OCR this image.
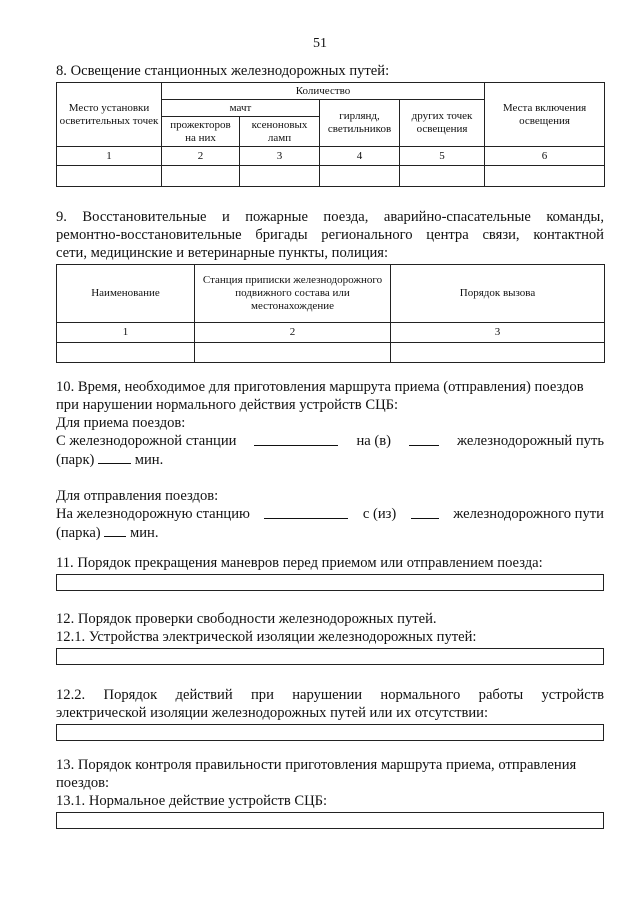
51
8. Освещение станционных железнодорожных путей:
Место установки осветительных точек	Количество				Места включения освещения
	мачт		гирлянд, светильников	других точек освещения	
	прожекторов на них	ксеноновых ламп			
1	2	3	4	5	6

9. Восстановительные и пожарные поезда, аварийно-спасательные команды,
ремонтно-восстановительные бригады регионального центра связи, контактной
сети, медицинские и ветеринарные пункты, полиция:
Наименование	Станция приписки железнодорожного подвижного состава или местонахождение	Порядок вызова
1	2	3

10. Время, необходимое для приготовления маршрута приема (отправления) поездов
при нарушении нормального действия устройств СЦБ:
Для приема поездов:
С железнодорожной станции	на (в)	железнодорожный путь
(парк)	мин.
Для отправления поездов:
На железнодорожную станцию	с (из)	железнодорожного пути
(парка) мин.
11. Порядок прекращения маневров перед приемом или отправлением поезда:
12. Порядок проверки свободности железнодорожных путей.
12.1. Устройства электрической изоляции железнодорожных путей:
12.2. Порядок действий при нарушении нормального работы устройств
электрической изоляции железнодорожных путей или их отсутствии:
13. Порядок контроля правильности приготовления маршрута приема, отправления
поездов:
13.1. Нормальное действие устройств СЦБ:
